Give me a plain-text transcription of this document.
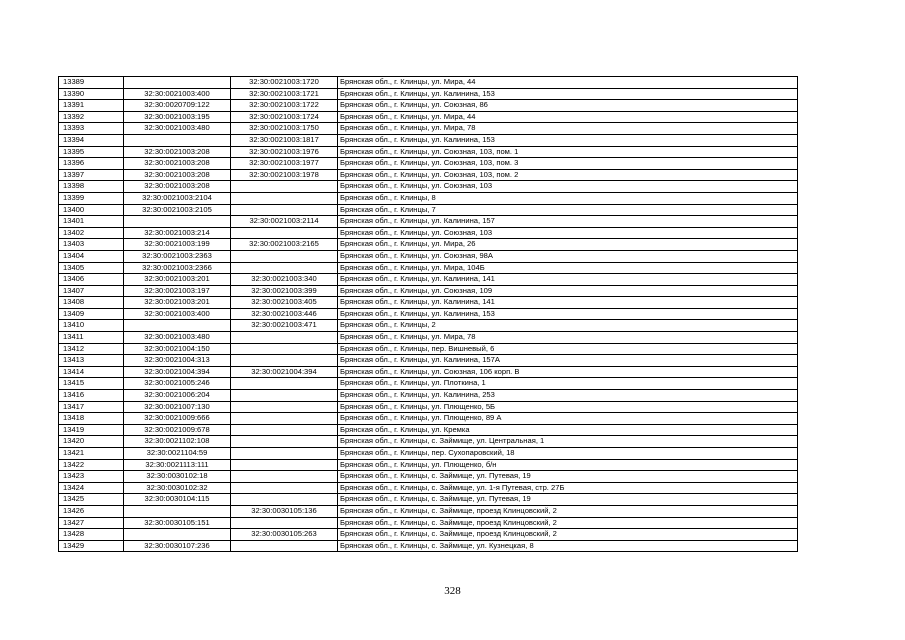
13389		32:30:0021003:1720	Брянская обл., г. Клинцы, ул. Мира, 44
13390	32:30:0021003:400	32:30:0021003:1721	Брянская обл., г. Клинцы, ул. Калинина, 153
13391	32:30:0020709:122	32:30:0021003:1722	Брянская обл., г. Клинцы, ул. Союзная, 86
13392	32:30:0021003:195	32:30:0021003:1724	Брянская обл., г. Клинцы, ул. Мира, 44
13393	32:30:0021003:480	32:30:0021003:1750	Брянская обл., г. Клинцы, ул. Мира, 78
13394		32:30:0021003:1817	Брянская обл., г. Клинцы, ул. Калинина, 153
13395	32:30:0021003:208	32:30:0021003:1976	Брянская обл., г. Клинцы, ул. Союзная, 103, пом. 1
13396	32:30:0021003:208	32:30:0021003:1977	Брянская обл., г. Клинцы, ул. Союзная, 103, пом. 3
13397	32:30:0021003:208	32:30:0021003:1978	Брянская обл., г. Клинцы, ул. Союзная, 103, пом. 2
13398	32:30:0021003:208		Брянская обл., г. Клинцы, ул. Союзная, 103
13399	32:30:0021003:2104		Брянская обл., г. Клинцы, 8
13400	32:30:0021003:2105		Брянская обл., г. Клинцы, 7
13401		32:30:0021003:2114	Брянская обл., г. Клинцы, ул. Калинина, 157
13402	32:30:0021003:214		Брянская обл., г. Клинцы, ул. Союзная, 103
13403	32:30:0021003:199	32:30:0021003:2165	Брянская обл., г. Клинцы, ул. Мира, 26
13404	32:30:0021003:2363		Брянская обл., г. Клинцы, ул. Союзная, 98А
13405	32:30:0021003:2366		Брянская обл., г. Клинцы, ул. Мира, 104Б
13406	32:30:0021003:201	32:30:0021003:340	Брянская обл., г. Клинцы, ул. Калинина, 141
13407	32:30:0021003:197	32:30:0021003:399	Брянская обл., г. Клинцы, ул. Союзная, 109
13408	32:30:0021003:201	32:30:0021003:405	Брянская обл., г. Клинцы, ул. Калинина, 141
13409	32:30:0021003:400	32:30:0021003:446	Брянская обл., г. Клинцы, ул. Калинина, 153
13410		32:30:0021003:471	Брянская обл., г. Клинцы, 2
13411	32:30:0021003:480		Брянская обл., г. Клинцы, ул. Мира, 78
13412	32:30:0021004:150		Брянская обл., г. Клинцы, пер. Вишневый, 6
13413	32:30:0021004:313		Брянская обл., г. Клинцы, ул. Калинина, 157А
13414	32:30:0021004:394	32:30:0021004:394	Брянская обл., г. Клинцы, ул. Союзная, 106 корп. В
13415	32:30:0021005:246		Брянская обл., г. Клинцы, ул. Плоткина, 1
13416	32:30:0021006:204		Брянская обл., г. Клинцы, ул. Калинина, 253
13417	32:30:0021007:130		Брянская обл., г. Клинцы, ул. Плющенко, 5Б
13418	32:30:0021009:666		Брянская обл., г. Клинцы, ул. Плющенко, 89 А
13419	32:30:0021009:678		Брянская обл., г. Клинцы, ул. Кремка
13420	32:30:0021102:108		Брянская обл., г. Клинцы, с. Займище, ул. Центральная, 1
13421	32:30:0021104:59		Брянская обл., г. Клинцы, пер. Сухопаровский, 18
13422	32:30:0021113:111		Брянская обл., г. Клинцы, ул. Плющенко, б/н
13423	32:30:0030102:18		Брянская обл., г. Клинцы, с. Займище, ул. Путевая, 19
13424	32:30:0030102:32		Брянская обл., г. Клинцы, с. Займище, ул. 1-я Путевая, стр. 27Б
13425	32:30:0030104:115		Брянская обл., г. Клинцы, с. Займище, ул. Путевая, 19
13426		32:30:0030105:136	Брянская обл., г. Клинцы, с. Займище, проезд Клинцовский, 2
13427	32:30:0030105:151		Брянская обл., г. Клинцы, с. Займище, проезд Клинцовский, 2
13428		32:30:0030105:263	Брянская обл., г. Клинцы, с. Займище, проезд Клинцовский, 2
13429	32:30:0030107:236		Брянская обл., г. Клинцы, с. Займище, ул. Кузнецкая, 8
328
